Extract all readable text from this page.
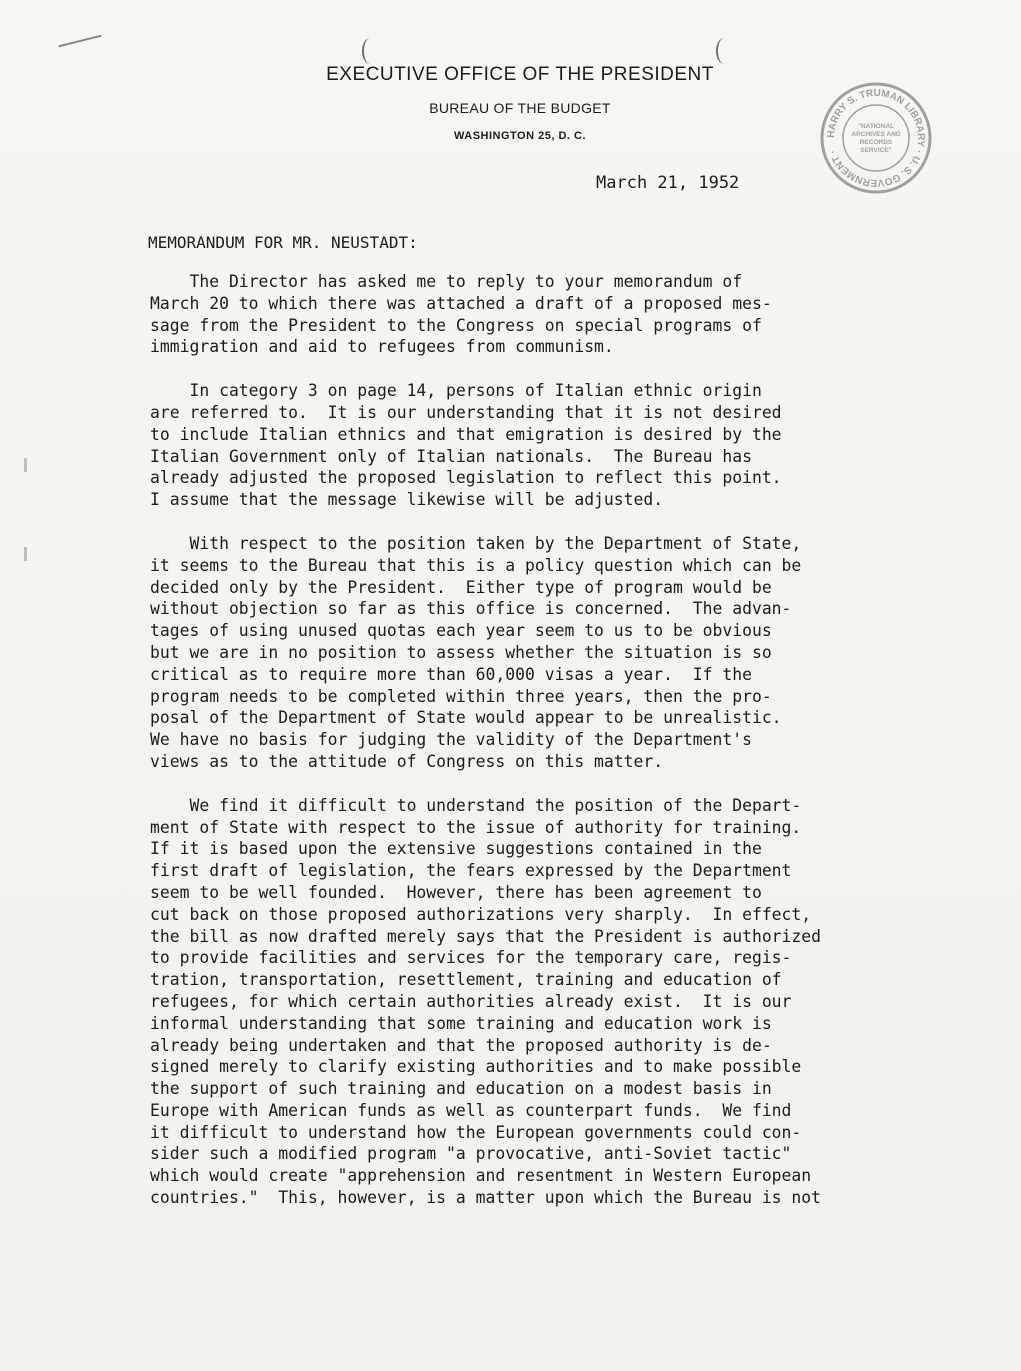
EXECUTIVE OFFICE OF THE PRESIDENT
BUREAU OF THE BUDGET
WASHINGTON 25, D. C.	HARRY S. TRUMAN LIBRARY · U. S. GOVERNMENT ·
"NATIONAL
ARCHIVES AND
RECORDS
SERVICE"
March 21, 1952
MEMORANDUM FOR MR. NEUSTADT:
The Director has asked me to reply to your memorandum of
March 20 to which there was attached a draft of a proposed mes-
sage from the President to the Congress on special programs of
immigration and aid to refugees from communism.
In category 3 on page 14, persons of Italian ethnic origin
are referred to.  It is our understanding that it is not desired
to include Italian ethnics and that emigration is desired by the
Italian Government only of Italian nationals.  The Bureau has
already adjusted the proposed legislation to reflect this point.
I assume that the message likewise will be adjusted.
With respect to the position taken by the Department of State,
it seems to the Bureau that this is a policy question which can be
decided only by the President.  Either type of program would be
without objection so far as this office is concerned.  The advan-
tages of using unused quotas each year seem to us to be obvious
but we are in no position to assess whether the situation is so
critical as to require more than 60,000 visas a year.  If the
program needs to be completed within three years, then the pro-
posal of the Department of State would appear to be unrealistic.
We have no basis for judging the validity of the Department's
views as to the attitude of Congress on this matter.
We find it difficult to understand the position of the Depart-
ment of State with respect to the issue of authority for training.
If it is based upon the extensive suggestions contained in the
first draft of legislation, the fears expressed by the Department
seem to be well founded.  However, there has been agreement to
cut back on those proposed authorizations very sharply.  In effect,
the bill as now drafted merely says that the President is authorized
to provide facilities and services for the temporary care, regis-
tration, transportation, resettlement, training and education of
refugees, for which certain authorities already exist.  It is our
informal understanding that some training and education work is
already being undertaken and that the proposed authority is de-
signed merely to clarify existing authorities and to make possible
the support of such training and education on a modest basis in
Europe with American funds as well as counterpart funds.  We find
it difficult to understand how the European governments could con-
sider such a modified program "a provocative, anti-Soviet tactic"
which would create "apprehension and resentment in Western European
countries."  This, however, is a matter upon which the Bureau is not
